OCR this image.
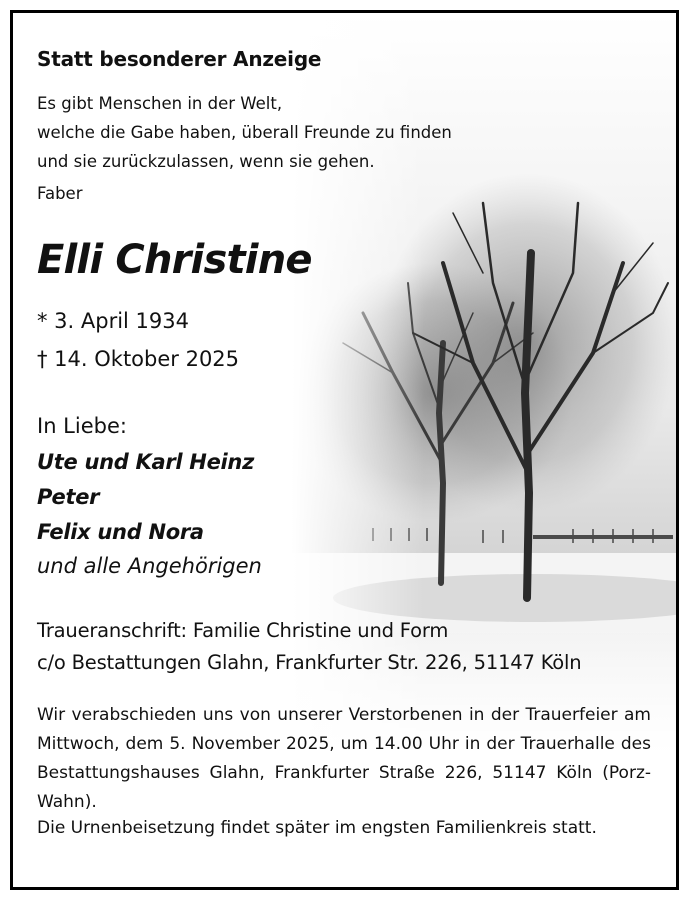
Statt besonderer Anzeige
Es gibt Menschen in der Welt,
welche die Gabe haben, überall Freunde zu finden
und sie zurückzulassen, wenn sie gehen.
Faber
Elli Christine
* 3. April 1934
† 14. Oktober 2025
In Liebe:
Ute und Karl Heinz
Peter
Felix und Nora
und alle Angehörigen
Traueranschrift: Familie Christine und Form
c/o Bestattungen Glahn, Frankfurter Str. 226, 51147 Köln
Wir verabschieden uns von unserer Verstorbenen in der Trauerfeier am Mittwoch, dem 5. November 2025, um 14.00 Uhr in der Trauerhalle des Bestattungshauses Glahn, Frankfurter Straße 226, 51147 Köln (Porz-Wahn).
Die Urnenbeisetzung findet später im engsten Familienkreis statt.
